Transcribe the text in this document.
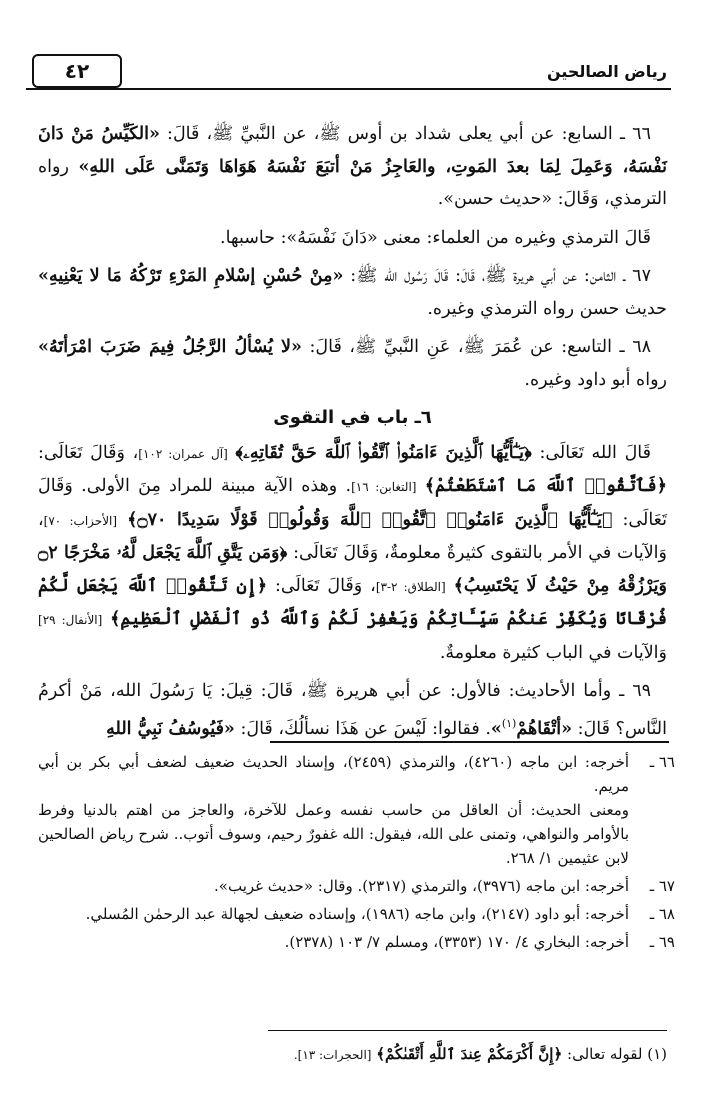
رياض الصالحين
٤٢

٦٦ ـ السابع: عن أبي يعلى شداد بن أوس ﷺ، عن النَّبيِّ ﷺ، قَالَ: «الكَيِّسُ مَنْ دَانَ نَفْسَهُ، وَعَمِلَ لِمَا بعدَ المَوتِ، والعَاجِزُ مَنْ أتبَعَ نَفْسَهُ هَوَاهَا وَتَمَنَّى عَلَى اللهِ» رواه الترمذي، وَقَالَ: «حديث حسن».

قَالَ الترمذي وغيره من العلماء: معنى «دَانَ نَفْسَهُ»: حاسبها.

٦٧ ـ الثامن: عن أبي هريرة ﷺ، قَالَ: قَالَ رَسُول الله ﷺ: «مِنْ حُسْنِ إسْلامِ المَرْءِ تَرْكُهُ مَا لا يَعْنِيهِ» حديث حسن رواه الترمذي وغيره.

٦٨ ـ التاسع: عن عُمَرَ ﷺ، عَنِ النَّبيِّ ﷺ، قَالَ: «لا يُسْألُ الرَّجُلُ فِيمَ ضَرَبَ امْرَأتَهُ» رواه أبو داود وغيره.

٦ـ باب في التقوى

قَالَ الله تَعَالَى: ﴿يَـٰٓأَيُّهَا ٱلَّذِينَ ءَامَنُوا۟ ٱتَّقُوا۟ ٱللَّهَ حَقَّ تُقَاتِهِۦ﴾ [آل عمران: ١٠٢]، وَقَالَ تَعَالَى: ﴿فَٱتَّقُوا۟ ٱللَّهَ مَا ٱسْتَطَعْتُمْ﴾ [التغابن: ١٦]. وهذه الآية مبينة للمراد مِنَ الأولى. وَقَالَ تَعَالَى: ﴿يَـٰٓأَيُّهَا ٱلَّذِينَ ءَامَنُوا۟ ٱتَّقُوا۟ ٱللَّهَ وَقُولُوا۟ قَوْلًا سَدِيدًا ۝٧٠﴾ [الأحزاب: ٧٠]، وَالآيات في الأمر بالتقوى كثيرةٌ معلومةٌ، وَقَالَ تَعَالَى: ﴿وَمَن يَتَّقِ ٱللَّهَ يَجْعَل لَّهُۥ مَخْرَجًا ۝٢ وَيَرْزُقْهُ مِنْ حَيْثُ لَا يَحْتَسِبُ﴾ [الطلاق: ٢-٣]، وَقَالَ تَعَالَى: ﴿إِن تَتَّقُوا۟ ٱللَّهَ يَجْعَل لَّكُمْ فُرْقَانًا وَيُكَفِّرْ عَنكُمْ سَيِّـَٔاتِكُمْ وَيَغْفِرْ لَكُمْ وَٱللَّهُ ذُو ٱلْفَضْلِ ٱلْعَظِيمِ﴾ [الأنفال: ٢٩] وَالآيات في الباب كثيرة معلومةٌ.

٦٩ ـ وأما الأحاديث: فالأول: عن أبي هريرة ﷺ، قَالَ: قِيلَ: يَا رَسُولَ الله، مَنْ أكرمُ النَّاس؟ قَالَ: «أتْقَاهُمْ$^{(١)}$». فقالوا: لَيْسَ عن هَذَا نسألُكَ، قَالَ: «فَيُوسُفُ نَبِيُّ اللهِ

٦٦ ـ
أخرجه: ابن ماجه (٤٢٦٠)، والترمذي (٢٤٥٩)، وإسناد الحديث ضعيف لضعف أبي بكر بن أبي مريم.
ومعنى الحديث: أن العاقل من حاسب نفسه وعمل للآخرة، والعاجز من اهتم بالدنيا وفرط بالأوامر والنواهي، وتمنى على الله، فيقول: الله غفورٌ رحيم، وسوف أتوب.. شرح رياض الصالحين لابن عثيمين ١/ ٢٦٨.
٦٧ ـ
أخرجه: ابن ماجه (٣٩٧٦)، والترمذي (٢٣١٧). وقال: «حديث غريب».
٦٨ ـ
أخرجه: أبو داود (٢١٤٧)، وابن ماجه (١٩٨٦)، وإسناده ضعيف لجهالة عبد الرحمٰن المُسلي.
٦٩ ـ
أخرجه: البخاري ٤/ ١٧٠ (٣٣٥٣)، ومسلم ٧/ ١٠٣ (٢٣٧٨).
(١) لقوله تعالى: ﴿إِنَّ أَكْرَمَكُمْ عِندَ ٱللَّهِ أَتْقَىٰكُمْ﴾ [الحجرات: ١٣].
